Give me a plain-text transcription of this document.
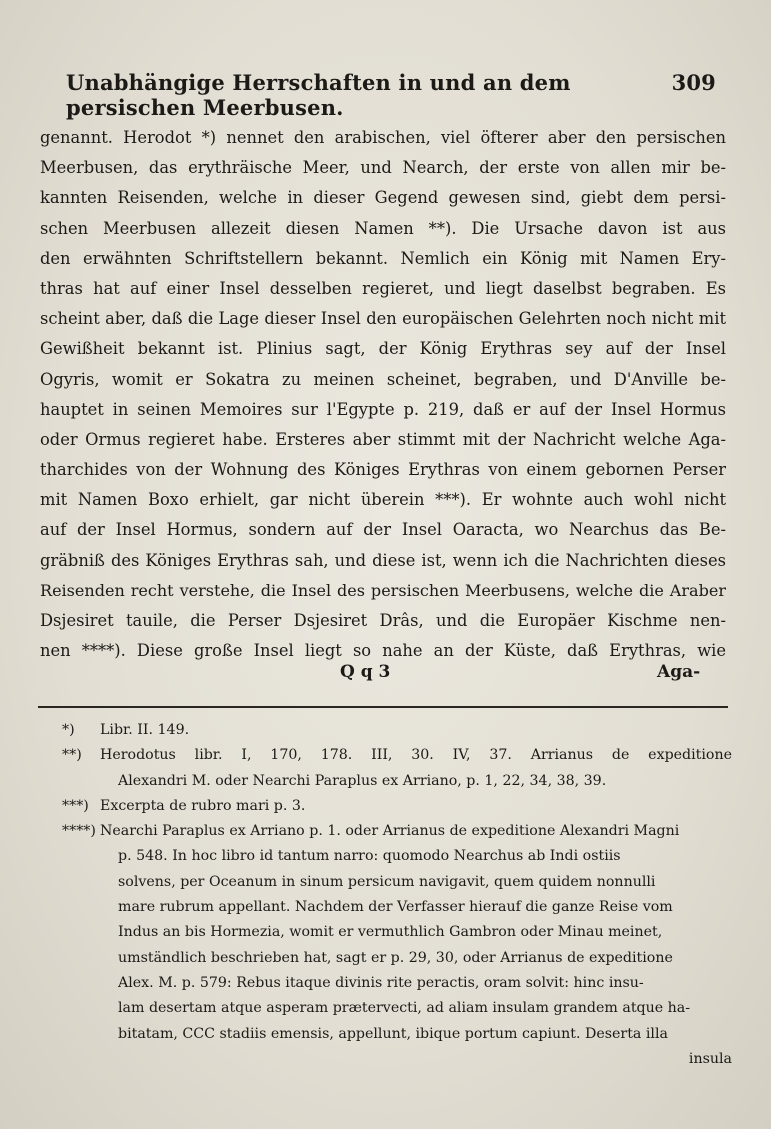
Unabhängige Herrschaften in und an dem persischen Meerbusen.
309
genannt. Herodot *) nennet den arabischen, viel öfterer aber den persischen
Meerbusen, das erythräische Meer, und Nearch, der erste von allen mir be-
kannten Reisenden, welche in dieser Gegend gewesen sind, giebt dem persi-
schen Meerbusen allezeit diesen Namen **). Die Ursache davon ist aus
den erwähnten Schriftstellern bekannt. Nemlich ein König mit Namen Ery-
thras hat auf einer Insel desselben regieret, und liegt daselbst begraben. Es
scheint aber, daß die Lage dieser Insel den europäischen Gelehrten noch nicht mit
Gewißheit bekannt ist. Plinius sagt, der König Erythras sey auf der Insel
Ogyris, womit er Sokatra zu meinen scheinet, begraben, und D'Anville be-
hauptet in seinen Memoires sur l'Egypte p. 219, daß er auf der Insel Hormus
oder Ormus regieret habe. Ersteres aber stimmt mit der Nachricht welche Aga-
tharchides von der Wohnung des Königes Erythras von einem gebornen Perser
mit Namen Boxo erhielt, gar nicht überein ***). Er wohnte auch wohl nicht
auf der Insel Hormus, sondern auf der Insel Oaracta, wo Nearchus das Be-
gräbniß des Königes Erythras sah, und diese ist, wenn ich die Nachrichten dieses
Reisenden recht verstehe, die Insel des persischen Meerbusens, welche die Araber
Dsjesiret tauile, die Perser Dsjesiret Drâs, und die Europäer Kischme nen-
nen ****). Diese große Insel liegt so nahe an der Küste, daß Erythras, wie
Q q 3	Aga-
*) Libr. II. 149.
**) Herodotus libr. I, 170, 178. III, 30. IV, 37. Arrianus de expeditione
Alexandri M. oder Nearchi Paraplus ex Arriano, p. 1, 22, 34, 38, 39.
***) Excerpta de rubro mari p. 3.
****) Nearchi Paraplus ex Arriano p. 1. oder Arrianus de expeditione Alexandri Magni
p. 548. In hoc libro id tantum narro: quomodo Nearchus ab Indi ostiis
solvens, per Oceanum in sinum persicum navigavit, quem quidem nonnulli
mare rubrum appellant. Nachdem der Verfasser hierauf die ganze Reise vom
Indus an bis Hormezia, womit er vermuthlich Gambron oder Minau meinet,
umständlich beschrieben hat, sagt er p. 29, 30, oder Arrianus de expeditione
Alex. M. p. 579: Rebus itaque divinis rite peractis, oram solvit: hinc insu-
lam desertam atque asperam prætervecti, ad aliam insulam grandem atque ha-
bitatam, CCC stadiis emensis, appellunt, ibique portum capiunt. Deserta illa
insula
